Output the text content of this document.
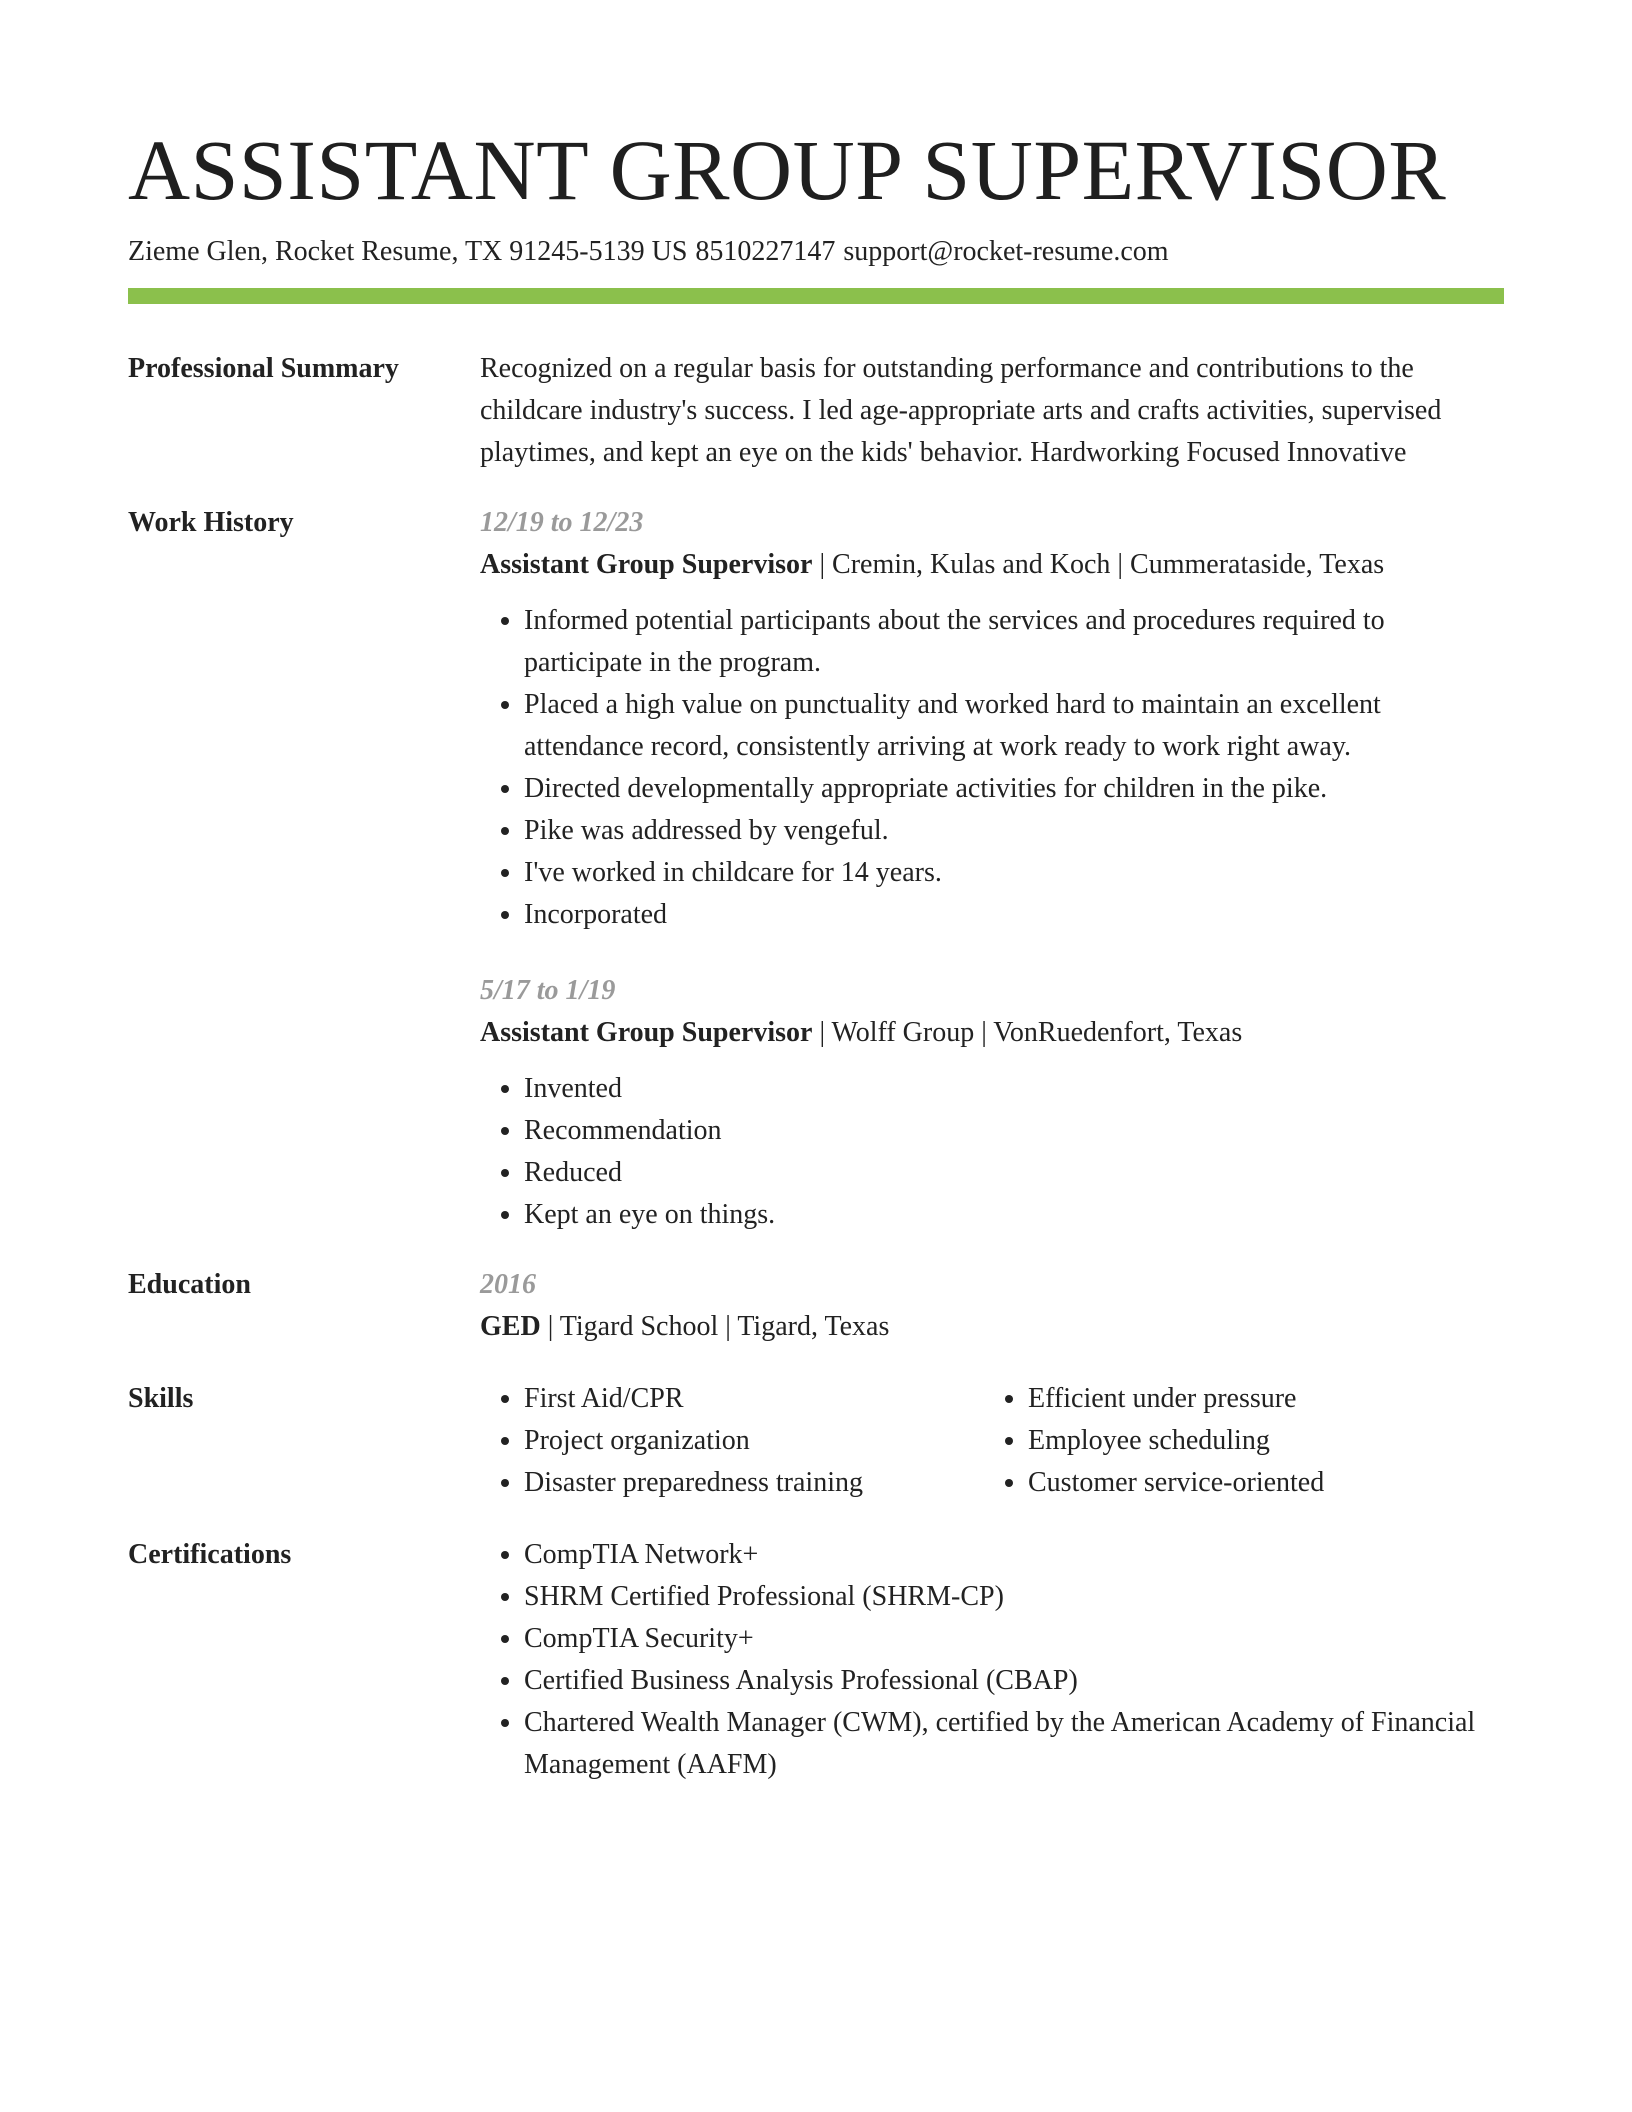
ASSISTANT GROUP SUPERVISOR
Zieme Glen, Rocket Resume, TX 91245-5139 US 8510227147 support@rocket-resume.com
Professional Summary	Recognized on a regular basis for outstanding performance and contributions to the childcare industry's success. I led age-appropriate arts and crafts activities, supervised playtimes, and kept an eye on the kids' behavior. Hardworking Focused Innovative

Work History	12/19 to 12/23
Assistant Group Supervisor | Cremin, Kulas and Koch | Cummerataside, Texas
• Informed potential participants about the services and procedures required to participate in the program.
• Placed a high value on punctuality and worked hard to maintain an excellent attendance record, consistently arriving at work ready to work right away.
• Directed developmentally appropriate activities for children in the pike.
• Pike was addressed by vengeful.
• I've worked in childcare for 14 years.
• Incorporated
5/17 to 1/19
Assistant Group Supervisor | Wolff Group | VonRuedenfort, Texas
• Invented
• Recommendation
• Reduced
• Kept an eye on things.
Education	2016
GED | Tigard School | Tigard, Texas
Skills	• First Aid/CPR
• Project organization
• Disaster preparedness training
• Efficient under pressure
• Employee scheduling
• Customer service-oriented
Certifications	• CompTIA Network+
• SHRM Certified Professional (SHRM-CP)
• CompTIA Security+
• Certified Business Analysis Professional (CBAP)
• Chartered Wealth Manager (CWM), certified by the American Academy of Financial Management (AAFM)
